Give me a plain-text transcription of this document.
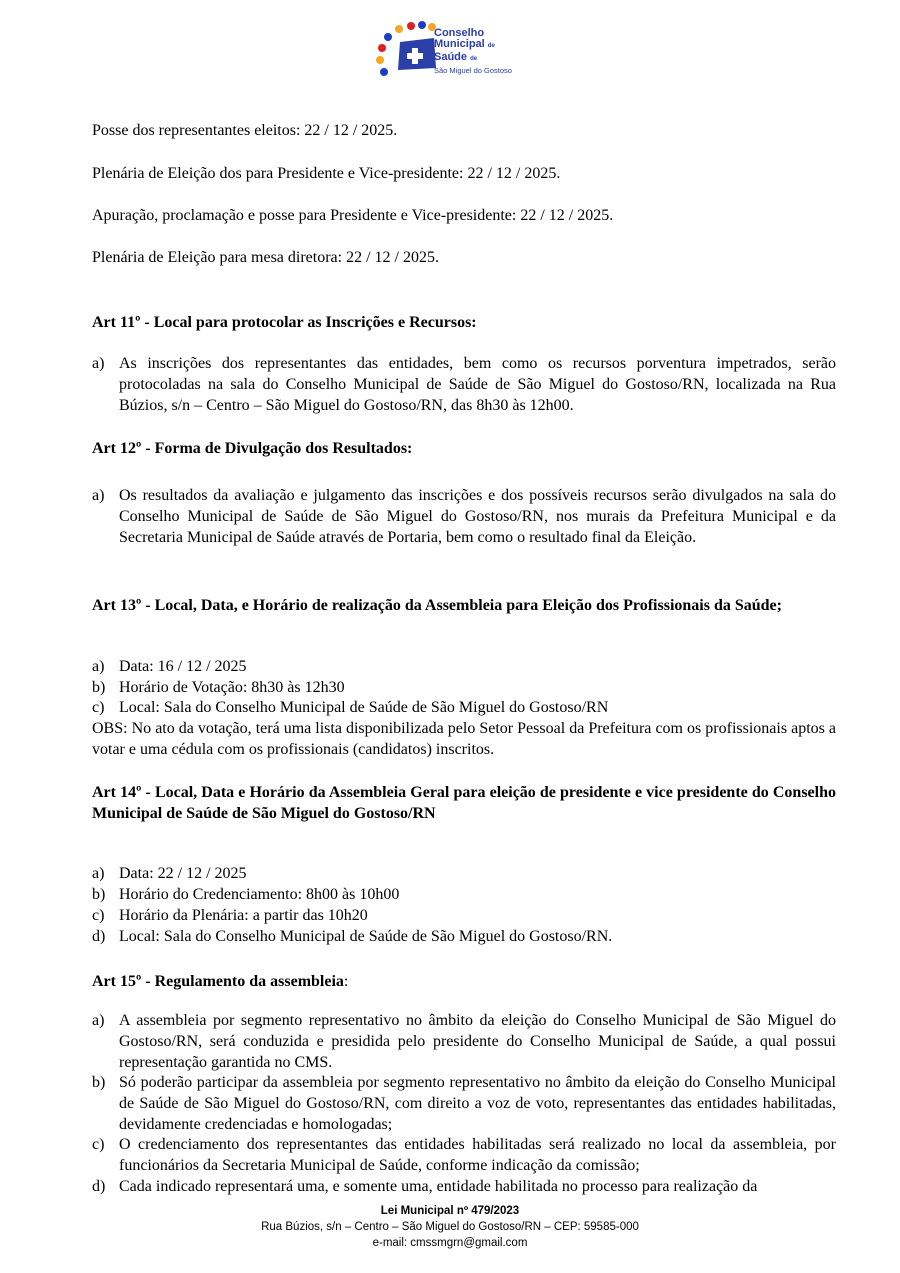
Conselho
Municipal de
Saúde de
São Miguel do Gostoso
Posse dos representantes eleitos: 22 / 12 / 2025.
Plenária de Eleição dos para Presidente e Vice-presidente: 22 / 12 / 2025.
Apuração, proclamação e posse para Presidente e Vice-presidente: 22 / 12 / 2025.
Plenária de Eleição para mesa diretora: 22 / 12 / 2025.
Art 11º - Local para protocolar as Inscrições e Recursos:
a) As inscrições dos representantes das entidades, bem como os recursos porventura impetrados, serão protocoladas na sala do Conselho Municipal de Saúde de São Miguel do Gostoso/RN, localizada na Rua Búzios, s/n – Centro – São Miguel do Gostoso/RN, das 8h30 às 12h00.
Art 12º - Forma de Divulgação dos Resultados:
a) Os resultados da avaliação e julgamento das inscrições e dos possíveis recursos serão divulgados na sala do Conselho Municipal de Saúde de São Miguel do Gostoso/RN, nos murais da Prefeitura Municipal e da Secretaria Municipal de Saúde através de Portaria, bem como o resultado final da Eleição.
Art 13º - Local, Data, e Horário de realização da Assembleia para Eleição dos Profissionais da Saúde;
a) Data: 16 / 12 / 2025
b) Horário de Votação: 8h30 às 12h30
c) Local: Sala do Conselho Municipal de Saúde de São Miguel do Gostoso/RN
OBS: No ato da votação, terá uma lista disponibilizada pelo Setor Pessoal da Prefeitura com os profissionais aptos a votar e uma cédula com os profissionais (candidatos) inscritos.
Art 14º - Local, Data e Horário da Assembleia Geral para eleição de presidente e vice presidente do Conselho Municipal de Saúde de São Miguel do Gostoso/RN
a) Data: 22 / 12 / 2025
b) Horário do Credenciamento: 8h00 às 10h00
c) Horário da Plenária: a partir das 10h20
d) Local: Sala do Conselho Municipal de Saúde de São Miguel do Gostoso/RN.
Art 15º - Regulamento da assembleia:
a) A assembleia por segmento representativo no âmbito da eleição do Conselho Municipal de São Miguel do Gostoso/RN, será conduzida e presidida pelo presidente do Conselho Municipal de Saúde, a qual possui representação garantida no CMS.
b) Só poderão participar da assembleia por segmento representativo no âmbito da eleição do Conselho Municipal de Saúde de São Miguel do Gostoso/RN, com direito a voz de voto, representantes das entidades habilitadas, devidamente credenciadas e homologadas;
c) O credenciamento dos representantes das entidades habilitadas será realizado no local da assembleia, por funcionários da Secretaria Municipal de Saúde, conforme indicação da comissão;
d) Cada indicado representará uma, e somente uma, entidade habilitada no processo para realização da
Lei Municipal nº 479/2023
Rua Búzios, s/n – Centro – São Miguel do Gostoso/RN – CEP: 59585-000
e-mail: cmssmgrn@gmail.com
